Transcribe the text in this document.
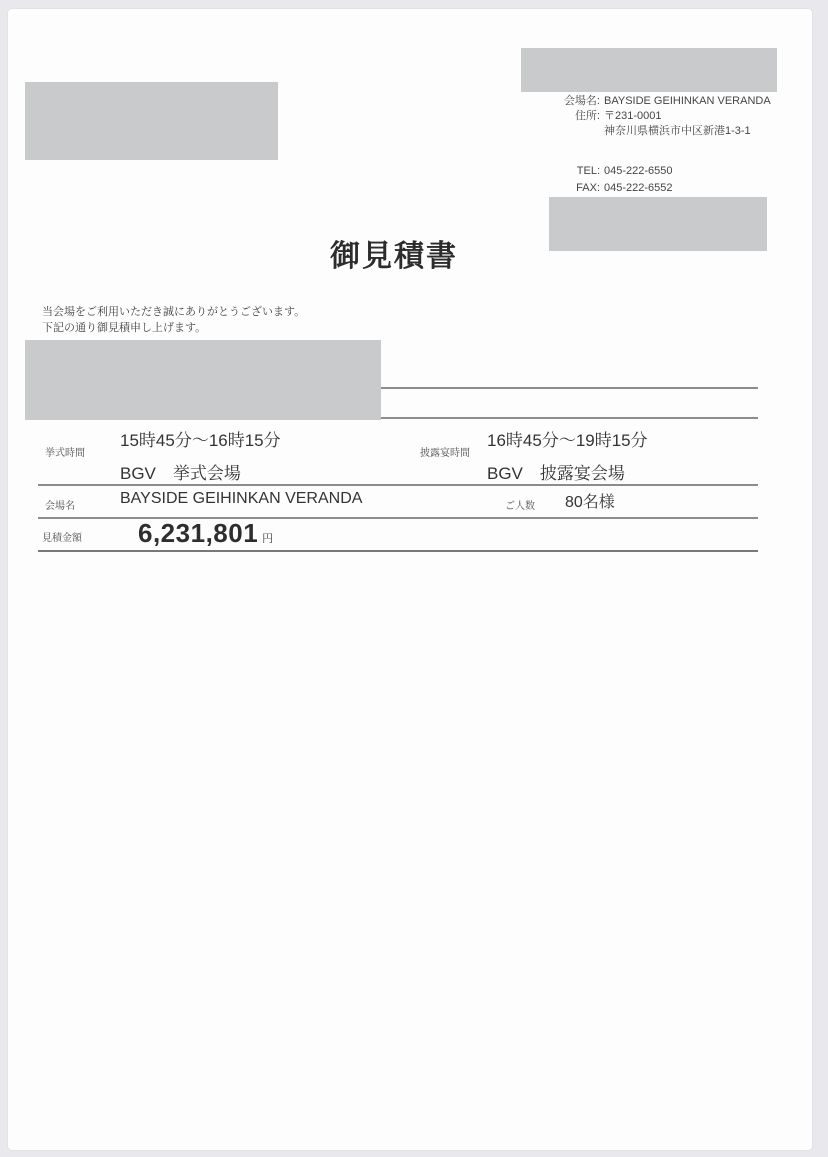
会場名: BAYSIDE GEIHINKAN VERANDA
住所: 〒231-0001
神奈川県横浜市中区新港1-3-1
TEL: 045-222-6550
FAX: 045-222-6552
御見積書
当会場をご利用いただき誠にありがとうございます。
下記の通り御見積申し上げます。
挙式時間
15時45分〜16時15分
BGV　挙式会場
披露宴時間
16時45分〜19時15分
BGV　披露宴会場
会場名	BAYSIDE GEIHINKAN VERANDA	ご人数 80名様
見積金額 6,231,801 円
